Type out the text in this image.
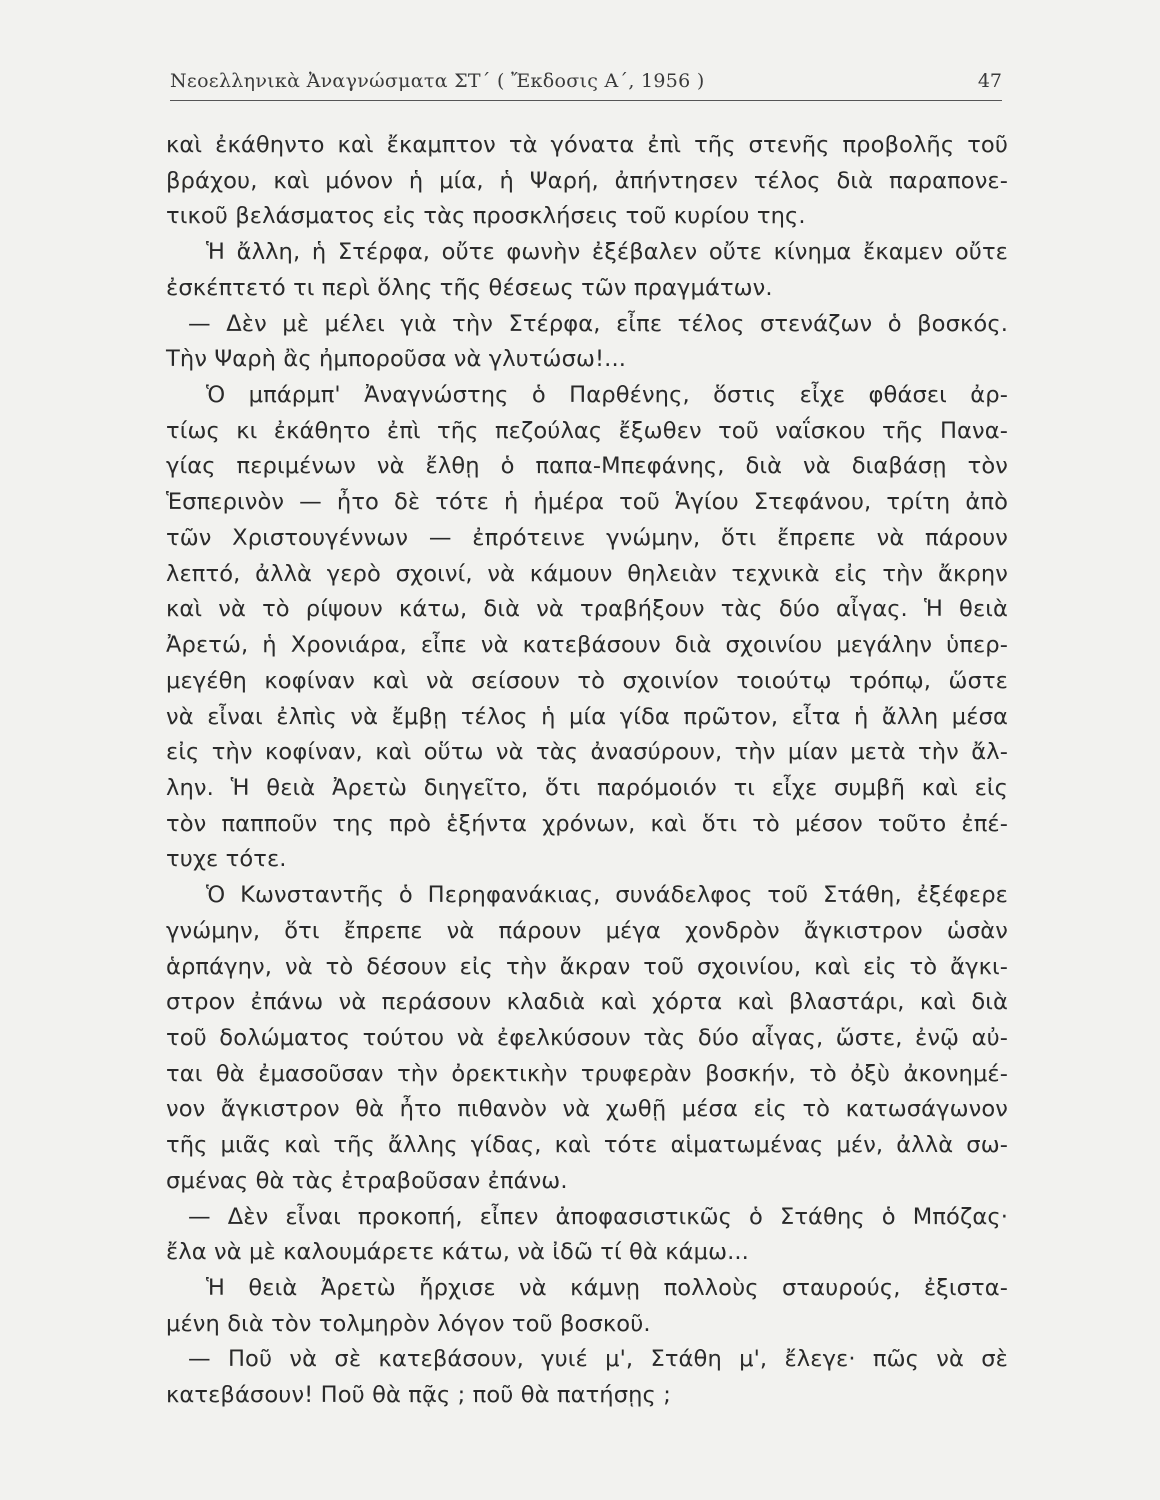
Νεοελληνικὰ Ἀναγνώσματα ΣΤ΄ ( Ἔκδοσις Α΄, 1956 )	47
καὶ ἐκάθηντο καὶ ἔκαμπτον τὰ γόνατα ἐπὶ τῆς στενῆς προβολῆς τοῦ
βράχου, καὶ μόνον ἡ μία, ἡ Ψαρή, ἀπήντησεν τέλος διὰ παραπονε-
τικοῦ βελάσματος εἰς τὰς προσκλήσεις τοῦ κυρίου της.
Ἡ ἄλλη, ἡ Στέρφα, οὔτε φωνὴν ἐξέβαλεν οὔτε κίνημα ἔκαμεν οὔτε
ἐσκέπτετό τι περὶ ὅλης τῆς θέσεως τῶν πραγμάτων.
— Δὲν μὲ μέλει γιὰ τὴν Στέρφα, εἶπε τέλος στενάζων ὁ βοσκός.
Τὴν Ψαρὴ ἂς ἠμποροῦσα νὰ γλυτώσω!...
Ὁ μπάρμπ' Ἀναγνώστης ὁ Παρθένης, ὅστις εἶχε φθάσει ἀρ-
τίως κι ἐκάθητο ἐπὶ τῆς πεζούλας ἔξωθεν τοῦ ναΐσκου τῆς Πανα-
γίας περιμένων νὰ ἔλθῃ ὁ παπα-Μπεφάνης, διὰ νὰ διαβάσῃ τὸν
Ἑσπερινὸν — ἦτο δὲ τότε ἡ ἡμέρα τοῦ Ἁγίου Στεφάνου, τρίτη ἀπὸ
τῶν Χριστουγέννων — ἐπρότεινε γνώμην, ὅτι ἔπρεπε νὰ πάρουν
λεπτό, ἀλλὰ γερὸ σχοινί, νὰ κάμουν θηλειὰν τεχνικὰ εἰς τὴν ἄκρην
καὶ νὰ τὸ ρίψουν κάτω, διὰ νὰ τραβήξουν τὰς δύο αἶγας. Ἡ θειὰ
Ἀρετώ, ἡ Χρονιάρα, εἶπε νὰ κατεβάσουν διὰ σχοινίου μεγάλην ὑπερ-
μεγέθη κοφίναν καὶ νὰ σείσουν τὸ σχοινίον τοιούτῳ τρόπῳ, ὥστε
νὰ εἶναι ἐλπὶς νὰ ἔμβῃ τέλος ἡ μία γίδα πρῶτον, εἶτα ἡ ἄλλη μέσα
εἰς τὴν κοφίναν, καὶ οὕτω νὰ τὰς ἀνασύρουν, τὴν μίαν μετὰ τὴν ἄλ-
λην. Ἡ θειὰ Ἀρετὼ διηγεῖτο, ὅτι παρόμοιόν τι εἶχε συμβῆ καὶ εἰς
τὸν παπποῦν της πρὸ ἑξήντα χρόνων, καὶ ὅτι τὸ μέσον τοῦτο ἐπέ-
τυχε τότε.
Ὁ Κωνσταντῆς ὁ Περηφανάκιας, συνάδελφος τοῦ Στάθη, ἐξέφερε
γνώμην, ὅτι ἔπρεπε νὰ πάρουν μέγα χονδρὸν ἄγκιστρον ὡσὰν
ἁρπάγην, νὰ τὸ δέσουν εἰς τὴν ἄκραν τοῦ σχοινίου, καὶ εἰς τὸ ἄγκι-
στρον ἐπάνω νὰ περάσουν κλαδιὰ καὶ χόρτα καὶ βλαστάρι, καὶ διὰ
τοῦ δολώματος τούτου νὰ ἐφελκύσουν τὰς δύο αἶγας, ὥστε, ἐνῷ αὐ-
ται θὰ ἐμασοῦσαν τὴν ὀρεκτικὴν τρυφερὰν βοσκήν, τὸ ὀξὺ ἀκονημέ-
νον ἄγκιστρον θὰ ἦτο πιθανὸν νὰ χωθῇ μέσα εἰς τὸ κατωσάγωνον
τῆς μιᾶς καὶ τῆς ἄλλης γίδας, καὶ τότε αἱματωμένας μέν, ἀλλὰ σω-
σμένας θὰ τὰς ἐτραβοῦσαν ἐπάνω.
— Δὲν εἶναι προκοπή, εἶπεν ἀποφασιστικῶς ὁ Στάθης ὁ Μπόζας·
ἔλα νὰ μὲ καλουμάρετε κάτω, νὰ ἰδῶ τί θὰ κάμω...
Ἡ θειὰ Ἀρετὼ ἤρχισε νὰ κάμνῃ πολλοὺς σταυρούς, ἐξιστα-
μένη διὰ τὸν τολμηρὸν λόγον τοῦ βοσκοῦ.
— Ποῦ νὰ σὲ κατεβάσουν, γυιέ μ', Στάθη μ', ἔλεγε· πῶς νὰ σὲ
κατεβάσουν! Ποῦ θὰ πᾷς ; ποῦ θὰ πατήσῃς ;
